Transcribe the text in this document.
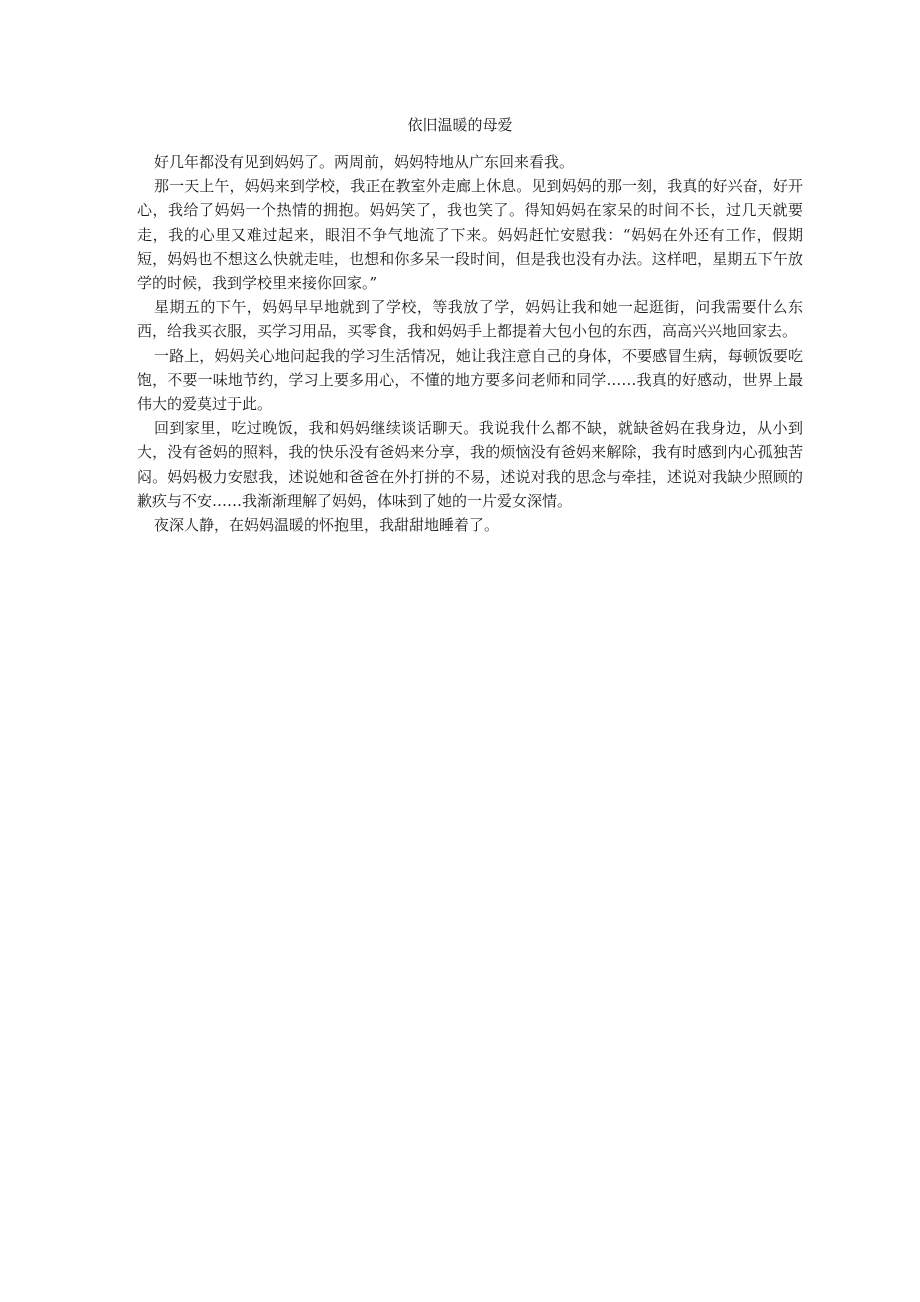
依旧温暖的母爱

好几年都没有见到妈妈了。两周前，妈妈特地从广东回来看我。

那一天上午，妈妈来到学校，我正在教室外走廊上休息。见到妈妈的那一刻，我真的好兴奋，好开心，我给了妈妈一个热情的拥抱。妈妈笑了，我也笑了。得知妈妈在家呆的时间不长，过几天就要走，我的心里又难过起来，眼泪不争气地流了下来。妈妈赶忙安慰我：“妈妈在外还有工作，假期短，妈妈也不想这么快就走哇，也想和你多呆一段时间，但是我也没有办法。这样吧，星期五下午放学的时候，我到学校里来接你回家。”

星期五的下午，妈妈早早地就到了学校，等我放了学，妈妈让我和她一起逛街，问我需要什么东西，给我买衣服，买学习用品，买零食，我和妈妈手上都提着大包小包的东西，高高兴兴地回家去。

一路上，妈妈关心地问起我的学习生活情况，她让我注意自己的身体，不要感冒生病，每顿饭要吃饱，不要一味地节约，学习上要多用心，不懂的地方要多问老师和同学……我真的好感动，世界上最伟大的爱莫过于此。

回到家里，吃过晚饭，我和妈妈继续谈话聊天。我说我什么都不缺，就缺爸妈在我身边，从小到大，没有爸妈的照料，我的快乐没有爸妈来分享，我的烦恼没有爸妈来解除，我有时感到内心孤独苦闷。妈妈极力安慰我，述说她和爸爸在外打拼的不易，述说对我的思念与牵挂，述说对我缺少照顾的歉疚与不安……我渐渐理解了妈妈，体味到了她的一片爱女深情。

夜深人静，在妈妈温暖的怀抱里，我甜甜地睡着了。
